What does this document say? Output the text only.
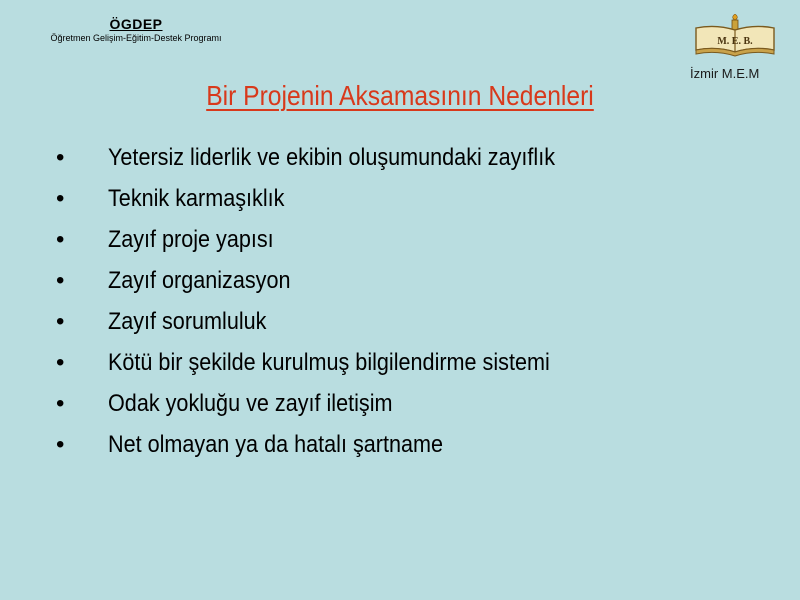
ÖGDEP
Öğretmen Gelişim-Eğitim-Destek Programı	M. E. B.
İzmir M.E.M
Bir Projenin Aksamasının Nedenleri
• Yetersiz liderlik ve ekibin oluşumundaki zayıflık
• Teknik karmaşıklık
• Zayıf proje yapısı
• Zayıf organizasyon
• Zayıf sorumluluk
• Kötü bir şekilde kurulmuş bilgilendirme sistemi
• Odak yokluğu ve zayıf iletişim
• Net olmayan ya da hatalı şartname
